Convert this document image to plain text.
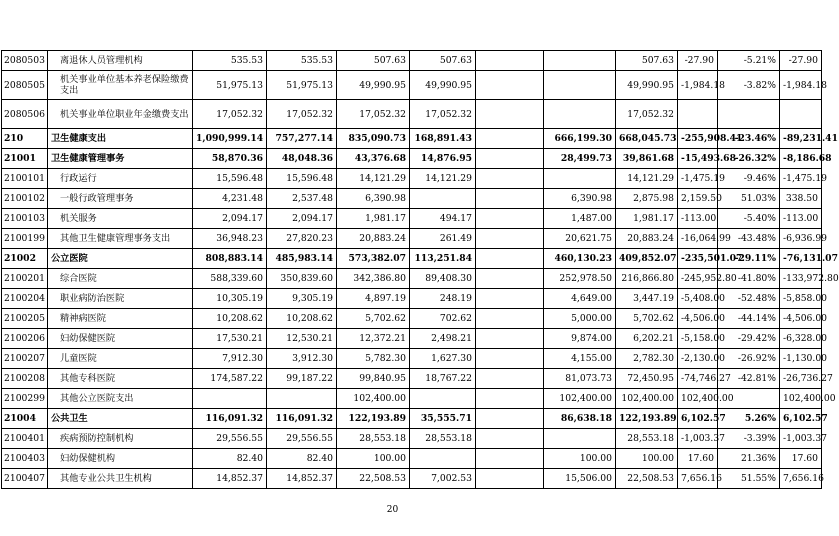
2080503	离退休人员管理机构	535.53	535.53	507.63	507.63			507.63	-27.90	-5.21%	-27.90	
2080505	机关事业单位基本养老保险缴费支出	51,975.13	51,975.13	49,990.95	49,990.95			49,990.95	-1,984.18	-3.82%	-1,984.18	
2080506	机关事业单位职业年金缴费支出	17,052.32	17,052.32	17,052.32	17,052.32			17,052.32				
210	卫生健康支出	1,090,999.14	757,277.14	835,090.73	168,891.43		666,199.30	668,045.73	-255,908.41	-23.46%	-89,231.41	
21001	卫生健康管理事务	58,870.36	48,048.36	43,376.68	14,876.95		28,499.73	39,861.68	-15,493.68	-26.32%	-8,186.68	
2100101	行政运行	15,596.48	15,596.48	14,121.29	14,121.29			14,121.29	-1,475.19	-9.46%	-1,475.19	
2100102	一般行政管理事务	4,231.48	2,537.48	6,390.98			6,390.98	2,875.98	2,159.50	51.03%	338.50	
2100103	机关服务	2,094.17	2,094.17	1,981.17	494.17		1,487.00	1,981.17	-113.00	-5.40%	-113.00	
2100199	其他卫生健康管理事务支出	36,948.23	27,820.23	20,883.24	261.49		20,621.75	20,883.24	-16,064.99	-43.48%	-6,936.99	
21002	公立医院	808,883.14	485,983.14	573,382.07	113,251.84		460,130.23	409,852.07	-235,501.07	-29.11%	-76,131.07	
2100201	综合医院	588,339.60	350,839.60	342,386.80	89,408.30		252,978.50	216,866.80	-245,952.80	-41.80%	-133,972.80	
2100204	职业病防治医院	10,305.19	9,305.19	4,897.19	248.19		4,649.00	3,447.19	-5,408.00	-52.48%	-5,858.00	
2100205	精神病医院	10,208.62	10,208.62	5,702.62	702.62		5,000.00	5,702.62	-4,506.00	-44.14%	-4,506.00	
2100206	妇幼保健医院	17,530.21	12,530.21	12,372.21	2,498.21		9,874.00	6,202.21	-5,158.00	-29.42%	-6,328.00	
2100207	儿童医院	7,912.30	3,912.30	5,782.30	1,627.30		4,155.00	2,782.30	-2,130.00	-26.92%	-1,130.00	
2100208	其他专科医院	174,587.22	99,187.22	99,840.95	18,767.22		81,073.73	72,450.95	-74,746.27	-42.81%	-26,736.27	
2100299	其他公立医院支出			102,400.00			102,400.00	102,400.00	102,400.00		102,400.00	
21004	公共卫生	116,091.32	116,091.32	122,193.89	35,555.71		86,638.18	122,193.89	6,102.57	5.26%	6,102.57	
2100401	疾病预防控制机构	29,556.55	29,556.55	28,553.18	28,553.18			28,553.18	-1,003.37	-3.39%	-1,003.37	
2100403	妇幼保健机构	82.40	82.40	100.00			100.00	100.00	17.60	21.36%	17.60	
2100407	其他专业公共卫生机构	14,852.37	14,852.37	22,508.53	7,002.53		15,506.00	22,508.53	7,656.16	51.55%	7,656.16	
20
